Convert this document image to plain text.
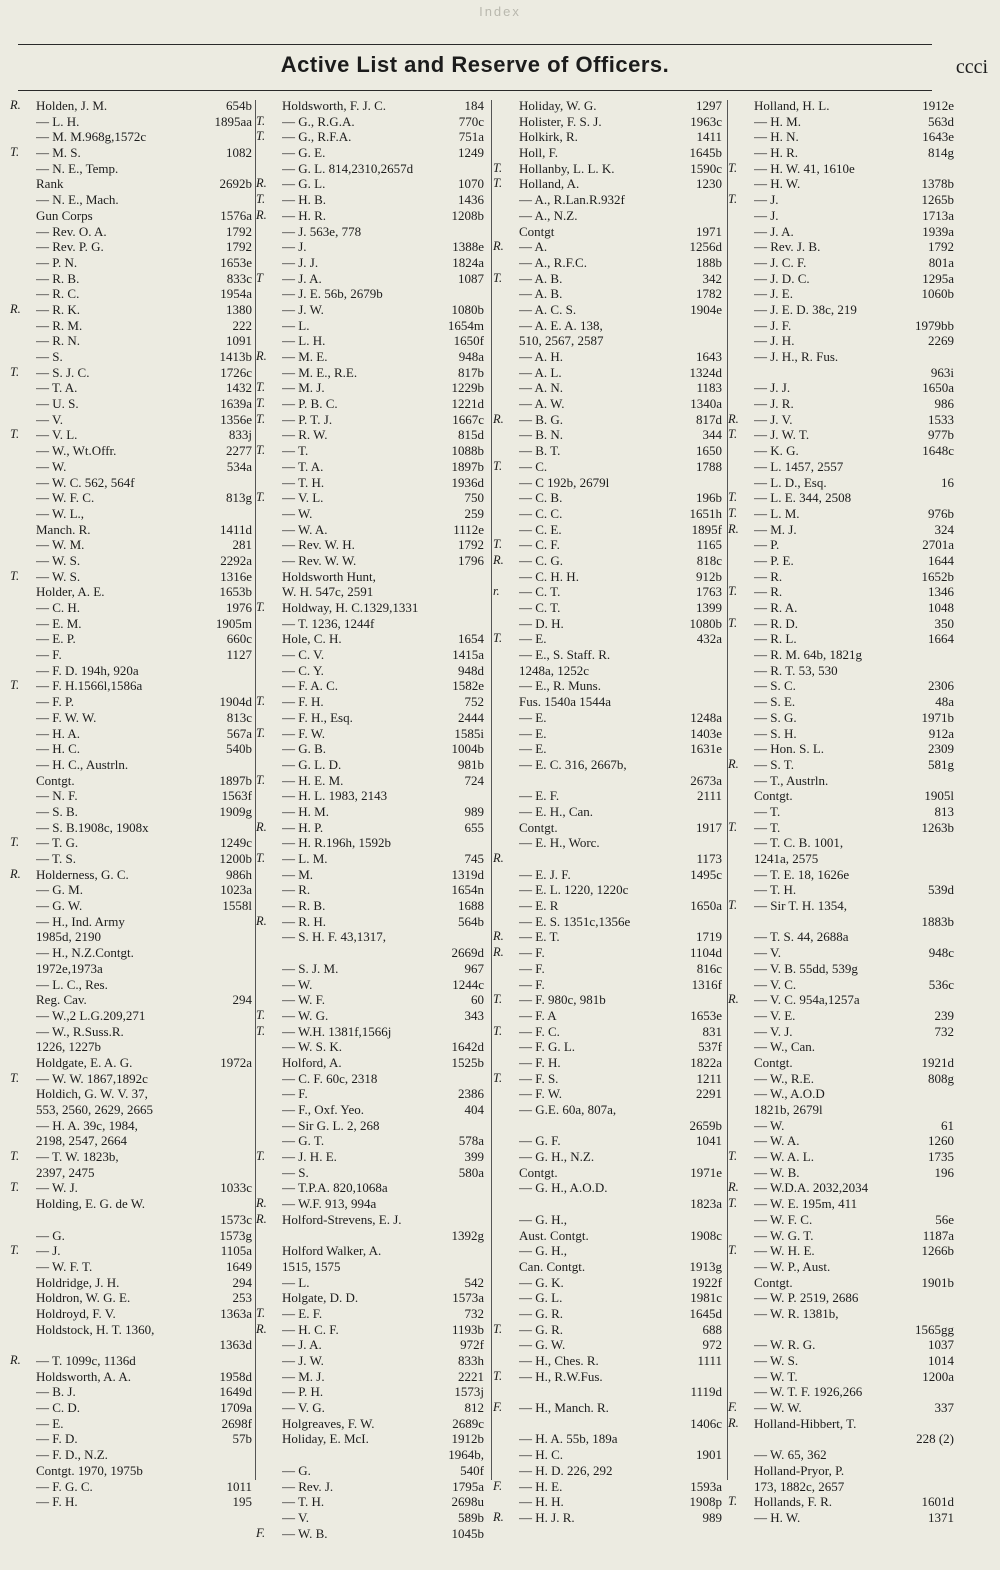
Index
Active List and Reserve of Officers.	ccci
R.	Holden, J. M.	654b
— L. H.	1895aa
— M. M.968g,1572c
T.	— M. S.	1082
— N. E., Temp.
Rank	2692b
— N. E., Mach.
Gun Corps	1576a
— Rev. O. A.	1792
— Rev. P. G.	1792
— P. N.	1653e
— R. B.	833c
— R. C.	1954a
R.	— R. K.	1380
— R. M.	222
— R. N.	1091
— S.	1413b
T.	— S. J. C.	1726c
— T. A.	1432
— U. S.	1639a
— V.	1356e
T.	— V. L.	833j
— W., Wt.Offr.	2277
— W.	534a
— W. C. 562, 564f
— W. F. C.	813g
— W. L.,
Manch. R.	1411d
— W. M.	281
— W. S.	2292a
T.	— W. S.	1316e
Holder, A. E.	1653b
— C. H.	1976
— E. M.	1905m
— E. P.	660c
— F.	1127
— F. D. 194h, 920a
T.	— F. H.1566l,1586a
— F. P.	1904d
— F. W. W.	813c
— H. A.	567a
— H. C.	540b
— H. C., Austrln.
Contgt.	1897b
— N. F.	1563f
— S. B.	1909g
— S. B.1908c, 1908x
T.	— T. G.	1249c
— T. S.	1200b
R.	Holderness, G. C.	986h
— G. M.	1023a
— G. W.	1558l
— H., Ind. Army
1985d, 2190
— H., N.Z.Contgt.
1972e,1973a
— L. C., Res.
Reg. Cav.	294
— W.,2 L.G.209,271
— W., R.Suss.R.
1226, 1227b
Holdgate, E. A. G.	1972a
T.	— W. W. 1867,1892c
Holdich, G. W. V. 37,
553, 2560, 2629, 2665
— H. A. 39c, 1984,
2198, 2547, 2664
T.	— T. W. 1823b,
2397, 2475
T.	— W. J.	1033c
Holding, E. G. de W.
1573c
— G.	1573g
T.	— J.	1105a
— W. F. T.	1649
Holdridge, J. H.	294
Holdron, W. G. E.	253
Holdroyd, F. V.	1363a
Holdstock, H. T. 1360,
1363d
R.	— T. 1099c, 1136d
Holdsworth, A. A.	1958d
— B. J.	1649d
— C. D.	1709a
— E.	2698f
— F. D.	57b
— F. D., N.Z.
Contgt. 1970, 1975b
— F. G. C.	1011
— F. H.	195
Holdsworth, F. J. C.	184
T.	— G., R.G.A.	770c
T.	— G., R.F.A.	751a
— G. E.	1249
— G. L. 814,2310,2657d
R.	— G. L.	1070
T.	— H. B.	1436
R.	— H. R.	1208b
— J. 563e, 778
— J.	1388e
— J. J.	1824a
T	— J. A.	1087
— J. E. 56b, 2679b
— J. W.	1080b
— L.	1654m
— L. H.	1650f
R.	— M. E.	948a
— M. E., R.E.	817b
T.	— M. J.	1229b
T.	— P. B. C.	1221d
T.	— P. T. J.	1667c
— R. W.	815d
T.	— T.	1088b
— T. A.	1897b
— T. H.	1936d
T.	— V. L.	750
— W.	259
— W. A.	1112e
— Rev. W. H.	1792
— Rev. W. W.	1796
Holdsworth Hunt,
W. H. 547c, 2591
T.	Holdway, H. C.1329,1331
— T. 1236, 1244f
Hole, C. H.	1654
— C. V.	1415a
— C. Y.	948d
— F. A. C.	1582e
T.	— F. H.	752
— F. H., Esq.	2444
T.	— F. W.	1585i
— G. B.	1004b
— G. L. D.	981b
T.	— H. E. M.	724
— H. L. 1983, 2143
— H. M.	989
R.	— H. P.	655
— H. R.196h, 1592b
T.	— L. M.	745
— M.	1319d
— R.	1654n
— R. B.	1688
R.	— R. H.	564b
— S. H. F. 43,1317,
2669d
— S. J. M.	967
— W.	1244c
— W. F.	60
T.	— W. G.	343
T.	— W.H. 1381f,1566j
— W. S. K.	1642d
Holford, A.	1525b
— C. F. 60c, 2318
— F.	2386
— F., Oxf. Yeo.	404
— Sir G. L. 2, 268
— G. T.	578a
T.	— J. H. E.	399
— S.	580a
— T.P.A. 820,1068a
R.	— W.F. 913, 994a
R.	Holford-Strevens, E. J.
1392g
Holford Walker, A.
1515, 1575
— L.	542
Holgate, D. D.	1573a
T.	— E. F.	732
R.	— H. C. F.	1193b
— J. A.	972f
— J. W.	833h
— M. J.	2221
— P. H.	1573j
— V. G.	812
Holgreaves, F. W.	2689c
Holiday, E. McI.	1912b
1964b,
— G.	540f
— Rev. J.	1795a
— T. H.	2698u
— V.	589b
F.	— W. B.	1045b
Holiday, W. G.	1297
Holister, F. S. J.	1963c
Holkirk, R.	1411
Holl, F.	1645b
T.	Hollanby, L. L. K.	1590c
T.	Holland, A.	1230
— A., R.Lan.R.932f
— A., N.Z.
Contgt	1971
R.	— A.	1256d
— A., R.F.C.	188b
T.	— A. B.	342
— A. B.	1782
— A. C. S.	1904e
— A. E. A. 138,
510, 2567, 2587
— A. H.	1643
— A. L.	1324d
— A. N.	1183
— A. W.	1340a
R.	— B. G.	817d
— B. N.	344
— B. T.	1650
T.	— C.	1788
— C 192b, 2679l
— C. B.	196b
— C. C.	1651h
— C. E.	1895f
T.	— C. F.	1165
R.	— C. G.	818c
— C. H. H.	912b
r.	— C. T.	1763
— C. T.	1399
— D. H.	1080b
T.	— E.	432a
— E., S. Staff. R.
1248a, 1252c
— E., R. Muns.
Fus. 1540a 1544a
— E.	1248a
— E.	1403e
— E.	1631e
— E. C. 316, 2667b,
2673a
— E. F.	2111
— E. H., Can.
Contgt.	1917
— E. H., Worc.
R.	1173
— E. J. F.	1495c
— E. L. 1220, 1220c
— E. R	1650a
— E. S. 1351c,1356e
R.	— E. T.	1719
R.	— F.	1104d
— F.	816c
— F.	1316f
T.	— F. 980c, 981b
— F. A	1653e
T.	— F. C.	831
— F. G. L.	537f
— F. H.	1822a
T.	— F. S.	1211
— F. W.	2291
— G.E. 60a, 807a,
2659b
— G. F.	1041
— G. H., N.Z.
Contgt.	1971e
— G. H., A.O.D.
1823a
— G. H.,
Aust. Contgt.	1908c
— G. H.,
Can. Contgt.	1913g
— G. K.	1922f
— G. L.	1981c
— G. R.	1645d
T.	— G. R.	688
— G. W.	972
— H., Ches. R.	1111
T.	— H., R.W.Fus.
1119d
F.	— H., Manch. R.
1406c
— H. A. 55b, 189a
— H. C.	1901
— H. D. 226, 292
F.	— H. E.	1593a
— H. H.	1908p
R.	— H. J. R.	989
Holland, H. L.	1912e
— H. M.	563d
— H. N.	1643e
— H. R.	814g
T.	— H. W. 41, 1610e
— H. W.	1378b
T.	— J.	1265b
— J.	1713a
— J. A.	1939a
— Rev. J. B.	1792
— J. C. F.	801a
— J. D. C.	1295a
— J. E.	1060b
— J. E. D. 38c, 219
— J. F.	1979bb
— J. H.	2269
— J. H., R. Fus.
963i
— J. J.	1650a
— J. R.	986
R.	— J. V.	1533
T.	— J. W. T.	977b
— K. G.	1648c
— L. 1457, 2557
— L. D., Esq.	16
T.	— L. E. 344, 2508
T.	— L. M.	976b
R.	— M. J.	324
— P.	2701a
— P. E.	1644
— R.	1652b
T.	— R.	1346
— R. A.	1048
T.	— R. D.	350
— R. L.	1664
— R. M. 64b, 1821g
— R. T. 53, 530
— S. C.	2306
— S. E.	48a
— S. G.	1971b
— S. H.	912a
— Hon. S. L.	2309
R.	— S. T.	581g
— T., Austrln.
Contgt.	1905l
— T.	813
T.	— T.	1263b
— T. C. B. 1001,
1241a, 2575
— T. E. 18, 1626e
— T. H.	539d
T.	— Sir T. H. 1354,
1883b
— T. S. 44, 2688a
— V.	948c
— V. B. 55dd, 539g
— V. C.	536c
R.	— V. C. 954a,1257a
— V. E.	239
— V. J.	732
— W., Can.
Contgt.	1921d
— W., R.E.	808g
— W., A.O.D
1821b, 2679l
— W.	61
— W. A.	1260
T.	— W. A. L.	1735
— W. B.	196
R.	— W.D.A. 2032,2034
T.	— W. E. 195m, 411
— W. F. C.	56e
— W. G. T.	1187a
T.	— W. H. E.	1266b
— W. P., Aust.
Contgt.	1901b
— W. P. 2519, 2686
— W. R. 1381b,
1565gg
— W. R. G.	1037
— W. S.	1014
— W. T.	1200a
— W. T. F. 1926,266
F.	— W. W.	337
R.	Holland-Hibbert, T.
228 (2)
— W. 65, 362
Holland-Pryor, P.
173, 1882c, 2657
T.	Hollands, F. R.	1601d
— H. W.	1371
